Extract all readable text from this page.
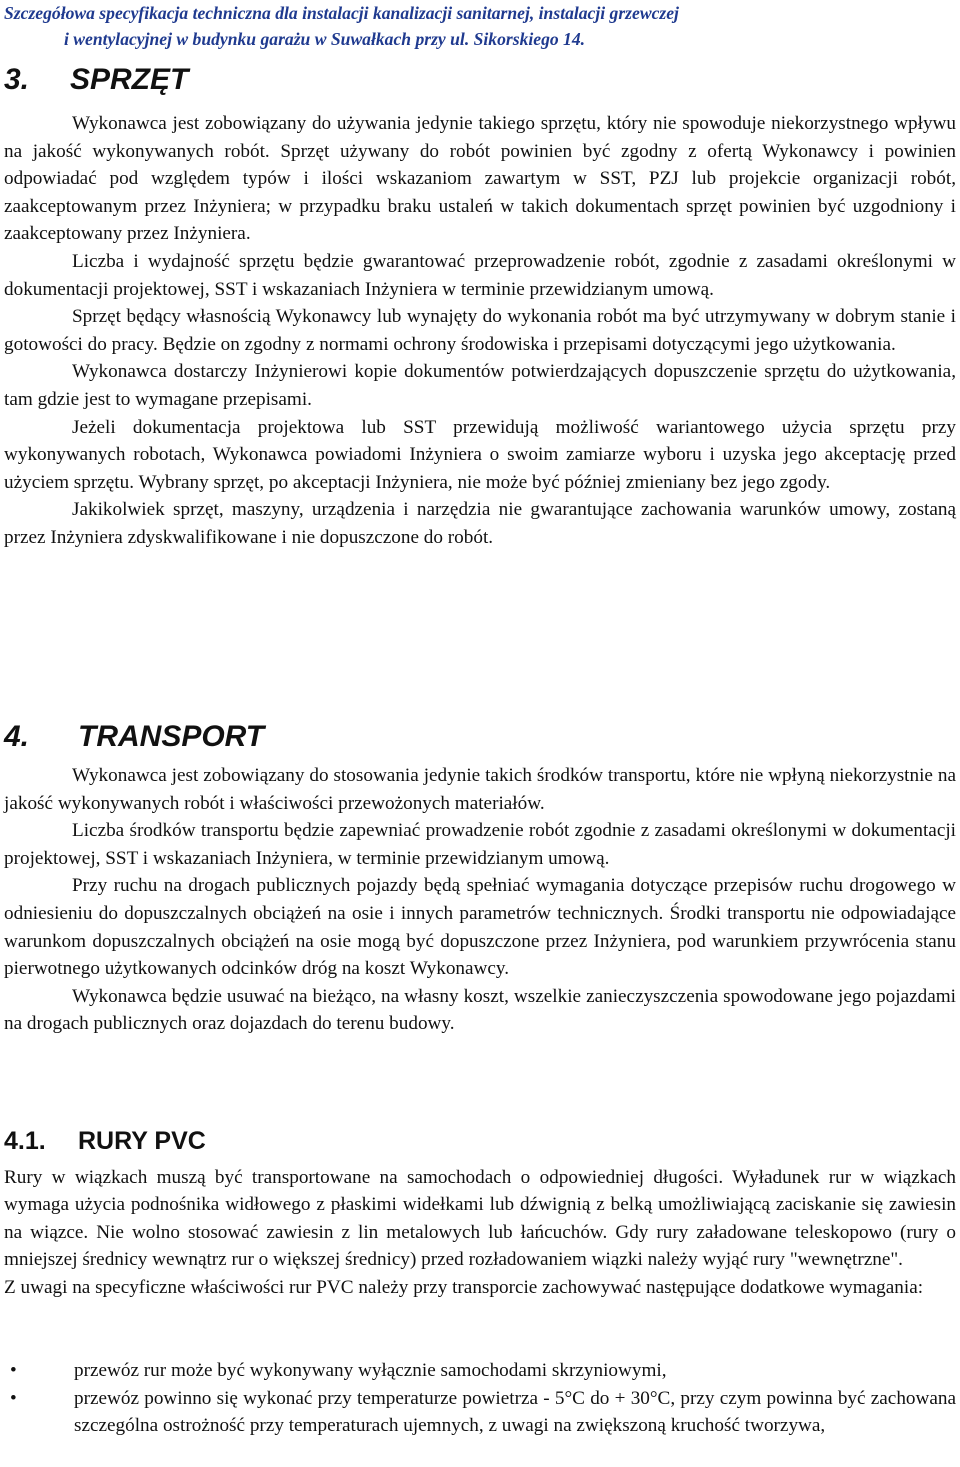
Szczegółowa specyfikacja techniczna dla instalacji kanalizacji sanitarnej, instalacji grzewczej
i wentylacyjnej w budynku garażu w Suwałkach przy ul. Sikorskiego 14.
3. SPRZĘT

Wykonawca jest zobowiązany do używania jedynie takiego sprzętu, który nie spowoduje niekorzystnego wpływu na jakość wykonywanych robót. Sprzęt używany do robót powinien być zgodny z ofertą Wykonawcy i powinien odpowiadać pod względem typów i ilości wskazaniom zawartym w SST, PZJ lub projekcie organizacji robót, zaakceptowanym przez Inżyniera; w przypadku braku ustaleń w takich dokumentach sprzęt powinien być uzgodniony i zaakceptowany przez Inżyniera.

Liczba i wydajność sprzętu będzie gwarantować przeprowadzenie robót, zgodnie z zasadami określonymi w dokumentacji projektowej, SST i wskazaniach Inżyniera w terminie przewidzianym umową.

Sprzęt będący własnością Wykonawcy lub wynajęty do wykonania robót ma być utrzymywany w dobrym stanie i gotowości do pracy. Będzie on zgodny z normami ochrony środowiska i przepisami dotyczącymi jego użytkowania.

Wykonawca dostarczy Inżynierowi kopie dokumentów potwierdzających dopuszczenie sprzętu do użytkowania, tam gdzie jest to wymagane przepisami.

Jeżeli dokumentacja projektowa lub SST przewidują możliwość wariantowego użycia sprzętu przy wykonywanych robotach, Wykonawca powiadomi Inżyniera o swoim zamiarze wyboru i uzyska jego akceptację przed użyciem sprzętu. Wybrany sprzęt, po akceptacji Inżyniera, nie może być później zmieniany bez jego zgody.

Jakikolwiek sprzęt, maszyny, urządzenia i narzędzia nie gwarantujące zachowania warunków umowy, zostaną przez Inżyniera zdyskwalifikowane i nie dopuszczone do robót.

4. TRANSPORT

Wykonawca jest zobowiązany do stosowania jedynie takich środków transportu, które nie wpłyną niekorzystnie na jakość wykonywanych robót i właściwości przewożonych materiałów.

Liczba środków transportu będzie zapewniać prowadzenie robót zgodnie z zasadami określonymi w dokumentacji projektowej, SST i wskazaniach Inżyniera, w terminie przewidzianym umową.

Przy ruchu na drogach publicznych pojazdy będą spełniać wymagania dotyczące przepisów ruchu drogowego w odniesieniu do dopuszczalnych obciążeń na osie i innych parametrów technicznych. Środki transportu nie odpowiadające warunkom dopuszczalnych obciążeń na osie mogą być dopuszczone przez Inżyniera, pod warunkiem przywrócenia stanu pierwotnego użytkowanych odcinków dróg na koszt Wykonawcy.

Wykonawca będzie usuwać na bieżąco, na własny koszt, wszelkie zanieczyszczenia spowodowane jego pojazdami na drogach publicznych oraz dojazdach do terenu budowy.

4.1. RURY PVC

Rury w wiązkach muszą być transportowane na samochodach o odpowiedniej długości. Wyładunek rur w wiązkach wymaga użycia podnośnika widłowego z płaskimi widełkami lub dźwignią z belką umożliwiającą zaciskanie się zawiesin na wiązce. Nie wolno stosować zawiesin z lin metalowych lub łańcuchów. Gdy rury załadowane teleskopowo (rury o mniejszej średnicy wewnątrz rur o większej średnicy) przed rozładowaniem wiązki należy wyjąć rury "wewnętrzne".

Z uwagi na specyficzne właściwości rur PVC należy przy transporcie zachowywać następujące dodatkowe wymagania:

•	przewóz rur może być wykonywany wyłącznie samochodami skrzyniowymi,
•	przewóz powinno się wykonać przy temperaturze powietrza - 5°C do + 30°C, przy czym powinna być zachowana szczególna ostrożność przy temperaturach ujemnych, z uwagi na zwiększoną kruchość tworzywa,
